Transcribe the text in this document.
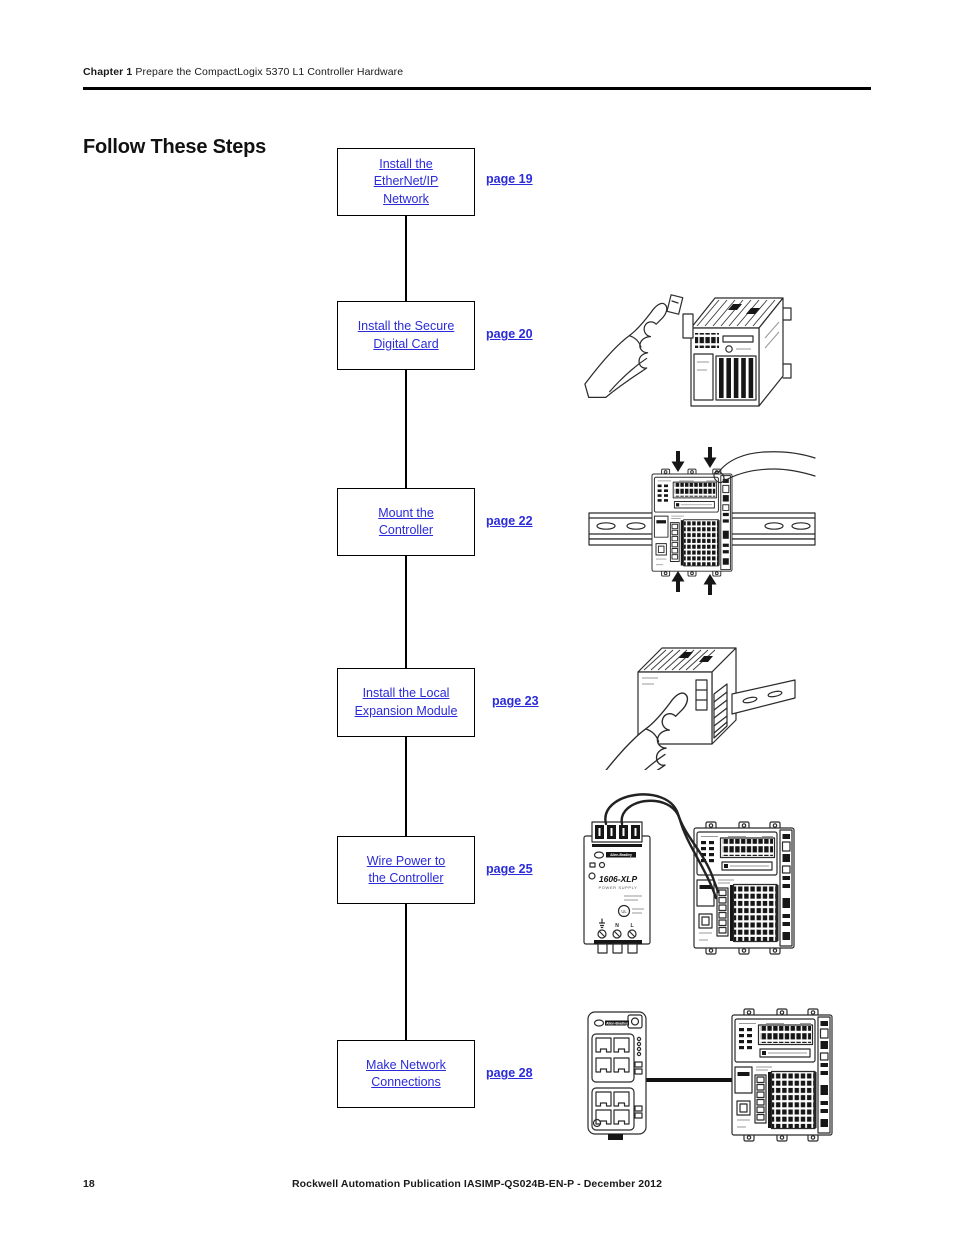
Chapter 1 Prepare the CompactLogix 5370 L1 Controller Hardware
Follow These Steps
Install the
EtherNet/IP
Network
page 19
Install the Secure
Digital Card
page 20
Mount the
Controller
page 22
Install the Local
Expansion Module
page 23
Wire Power to
the Controller
page 25
Make Network
Connections
page 28
Allen-Bradley
1606-XLP
POWER SUPPLY
UL
N L
Allen-Bradley
18	Rockwell Automation Publication IASIMP-QS024B-EN-P - December 2012
